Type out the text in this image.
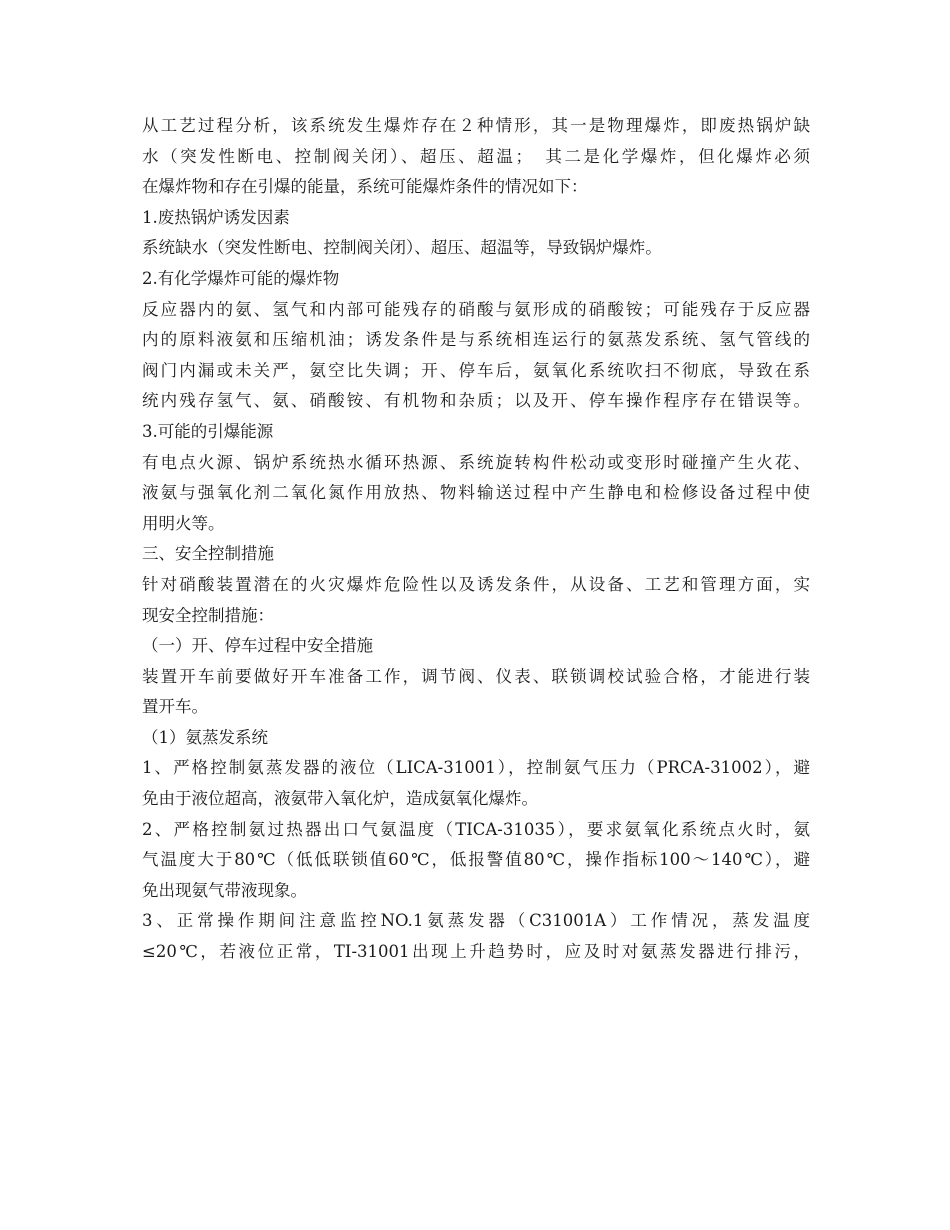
从工艺过程分析，该系统发生爆炸存在２种情形，其一是物理爆炸，即废热锅炉缺
水（突发性断电、控制阀关闭）、超压、超温；　其二是化学爆炸，但化爆炸必须
在爆炸物和存在引爆的能量，系统可能爆炸条件的情况如下：
1.废热锅炉诱发因素
系统缺水（突发性断电、控制阀关闭）、超压、超温等，导致锅炉爆炸。
2.有化学爆炸可能的爆炸物
反应器内的氨、氢气和内部可能残存的硝酸与氨形成的硝酸铵；可能残存于反应器
内的原料液氨和压缩机油；诱发条件是与系统相连运行的氨蒸发系统、氢气管线的
阀门内漏或未关严，氨空比失调；开、停车后，氨氧化系统吹扫不彻底，导致在系
统内残存氢气、氨、硝酸铵、有机物和杂质；以及开、停车操作程序存在错误等。
3.可能的引爆能源
有电点火源、锅炉系统热水循环热源、系统旋转构件松动或变形时碰撞产生火花、
液氨与强氧化剂二氧化氮作用放热、物料输送过程中产生静电和检修设备过程中使
用明火等。
三、安全控制措施
针对硝酸装置潜在的火灾爆炸危险性以及诱发条件，从设备、工艺和管理方面，实
现安全控制措施：
（一）开、停车过程中安全措施
装置开车前要做好开车准备工作，调节阀、仪表、联锁调校试验合格，才能进行装
置开车。
（1）氨蒸发系统
1、严格控制氨蒸发器的液位（LICA-31001），控制氨气压力（PRCA-31002），避
免由于液位超高，液氨带入氧化炉，造成氨氧化爆炸。
2、严格控制氨过热器出口气氨温度（TICA-31035），要求氨氧化系统点火时，氨
气温度大于80℃（低低联锁值60℃，低报警值80℃，操作指标100～140℃），避
免出现氨气带液现象。
3、正常操作期间注意监控NO.1氨蒸发器（C31001A）工作情况，蒸发温度
≤20℃，若液位正常，TI-31001出现上升趋势时，应及时对氨蒸发器进行排污，
